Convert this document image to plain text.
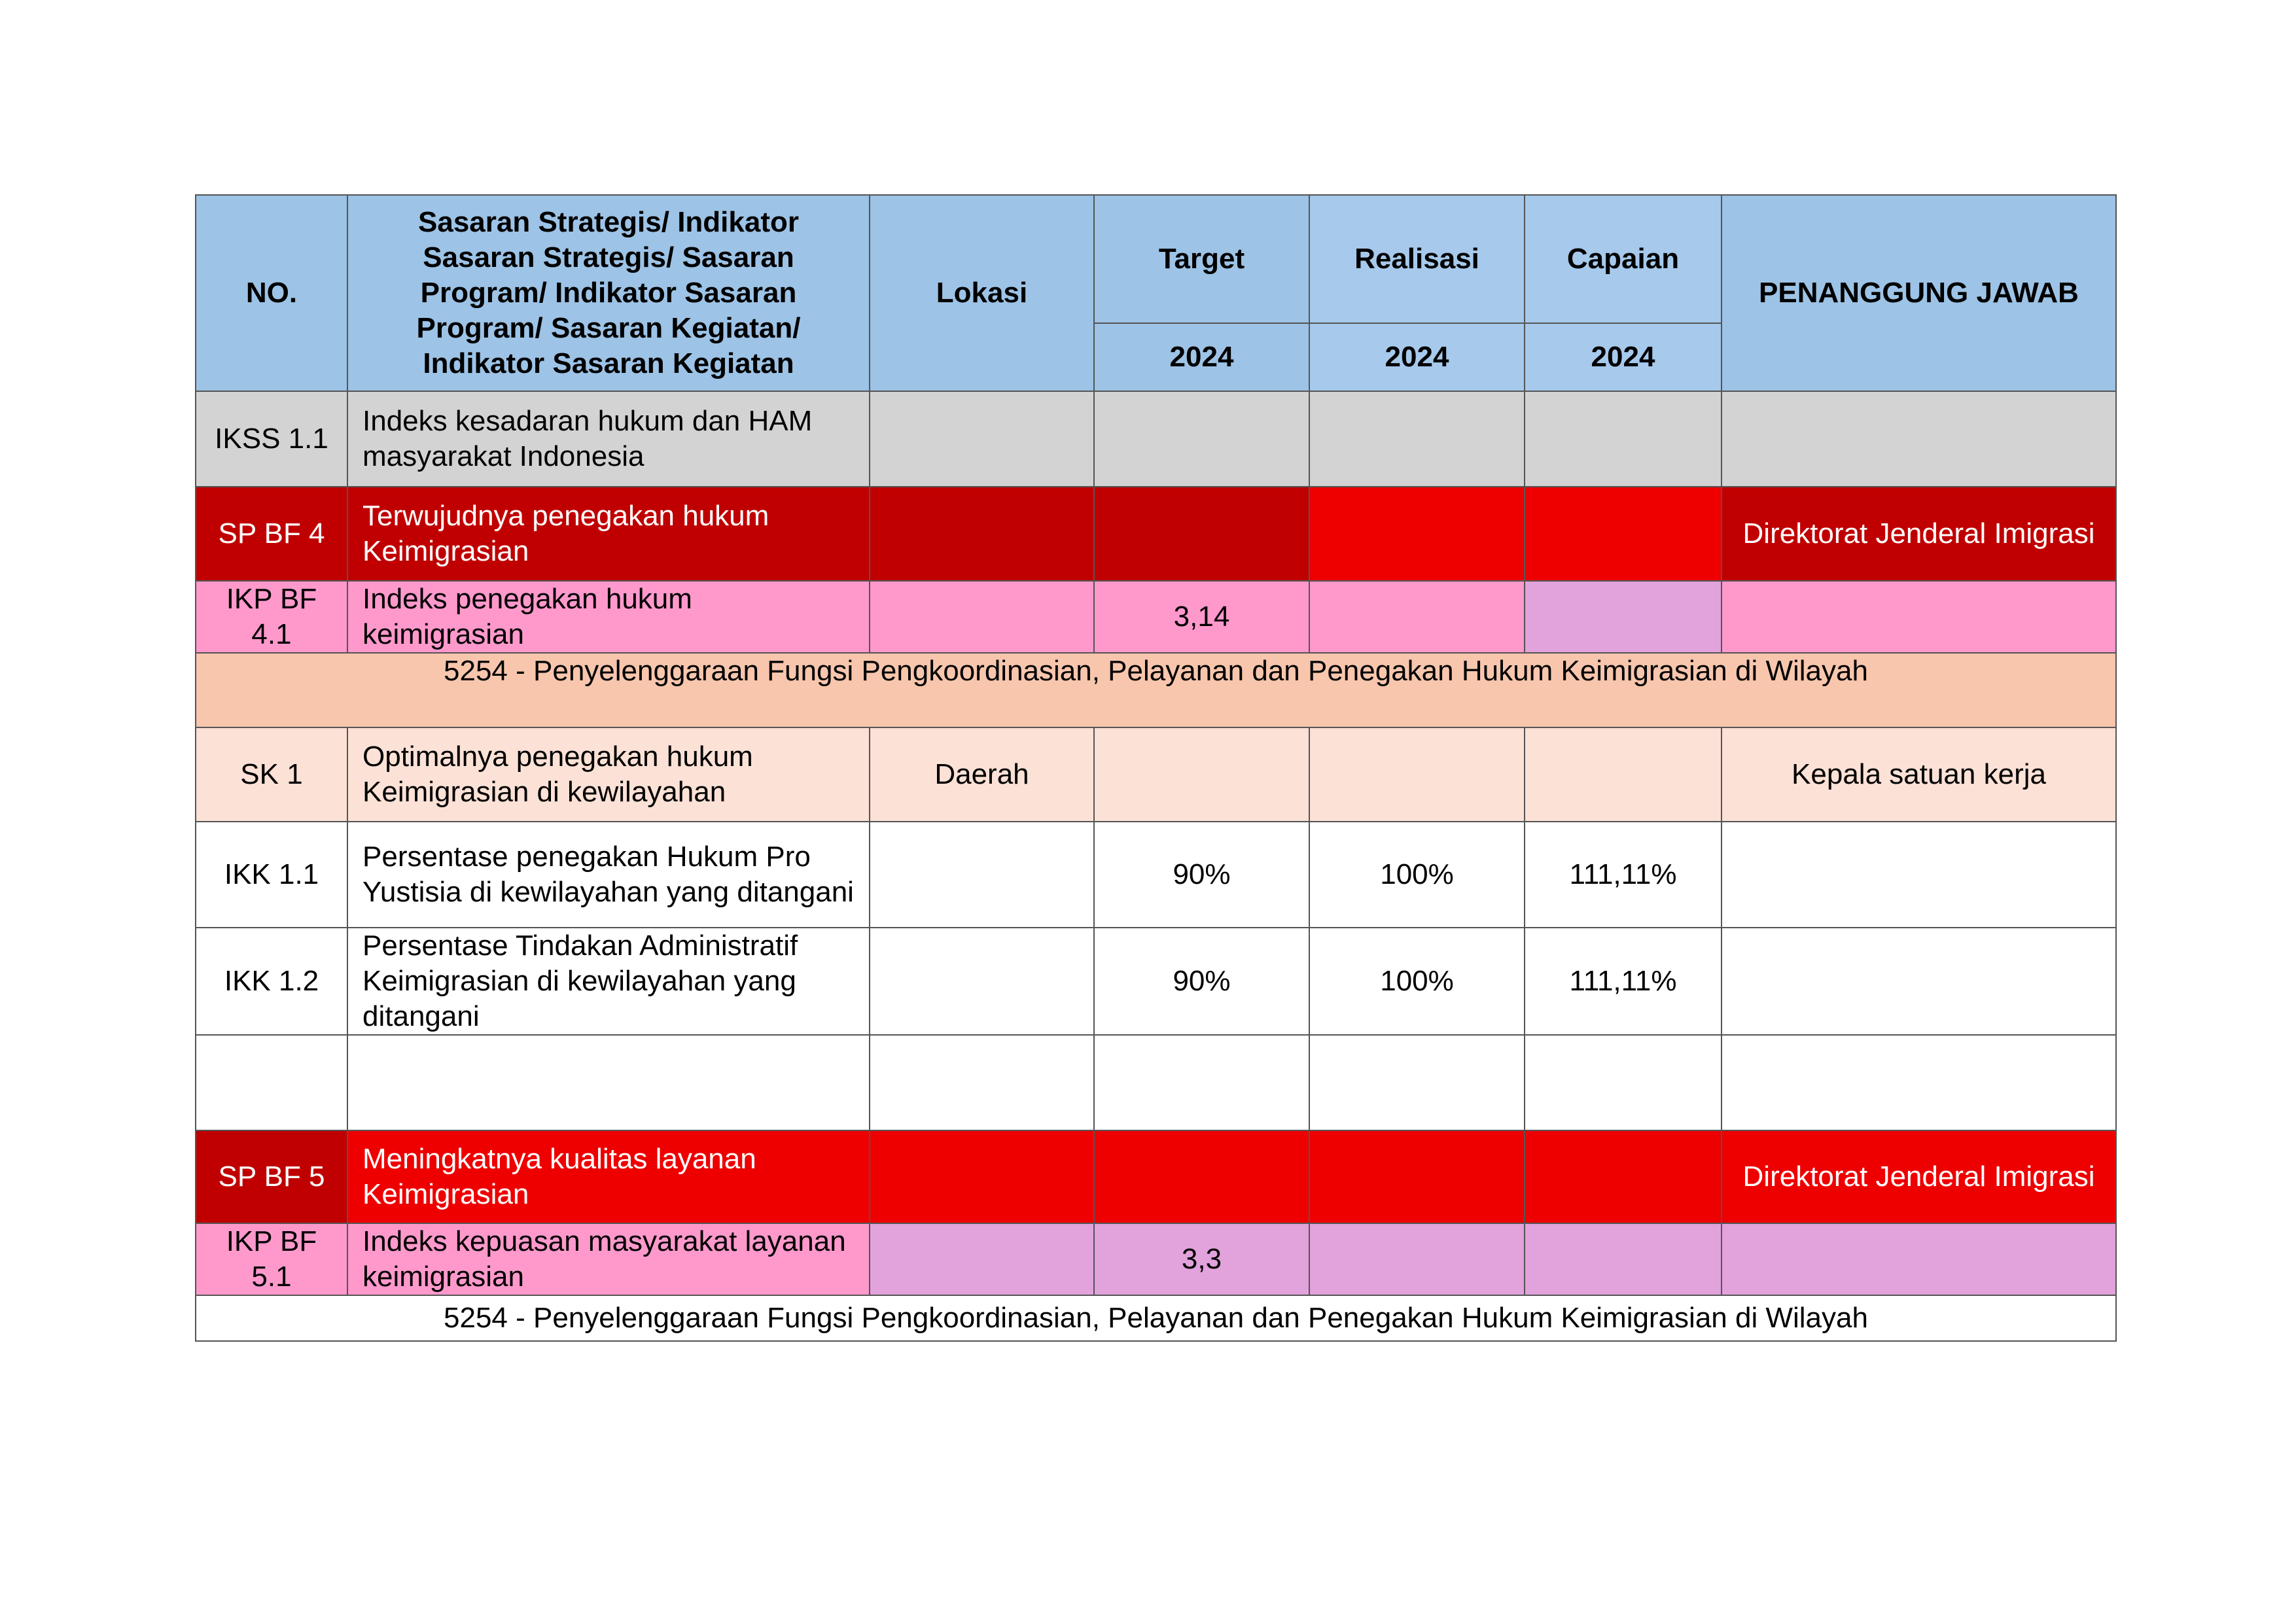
NO.	Sasaran Strategis/ Indikator Sasaran Strategis/ Sasaran Program/ Indikator Sasaran Program/ Sasaran Kegiatan/ Indikator Sasaran Kegiatan	Lokasi	Target	Realisasi	Capaian	PENANGGUNG JAWAB
			2024	2024	2024	
IKSS 1.1	Indeks kesadaran hukum dan HAM masyarakat Indonesia					
SP BF 4	Terwujudnya penegakan hukum Keimigrasian					Direktorat Jenderal Imigrasi
IKP BF 4.1	Indeks penegakan hukum keimigrasian		3,14			
5254 - Penyelenggaraan Fungsi Pengkoordinasian, Pelayanan dan Penegakan Hukum Keimigrasian di Wilayah						
SK 1	Optimalnya penegakan hukum Keimigrasian di kewilayahan	Daerah				Kepala satuan kerja
IKK 1.1	Persentase penegakan Hukum Pro Yustisia di kewilayahan yang ditangani		90%	100%	111,11%	
IKK 1.2	Persentase Tindakan Administratif Keimigrasian di kewilayahan yang ditangani		90%	100%	111,11%	

SP BF 5	Meningkatnya kualitas layanan Keimigrasian					Direktorat Jenderal Imigrasi
IKP BF 5.1	Indeks kepuasan masyarakat layanan keimigrasian		3,3			
5254 - Penyelenggaraan Fungsi Pengkoordinasian, Pelayanan dan Penegakan Hukum Keimigrasian di Wilayah						
